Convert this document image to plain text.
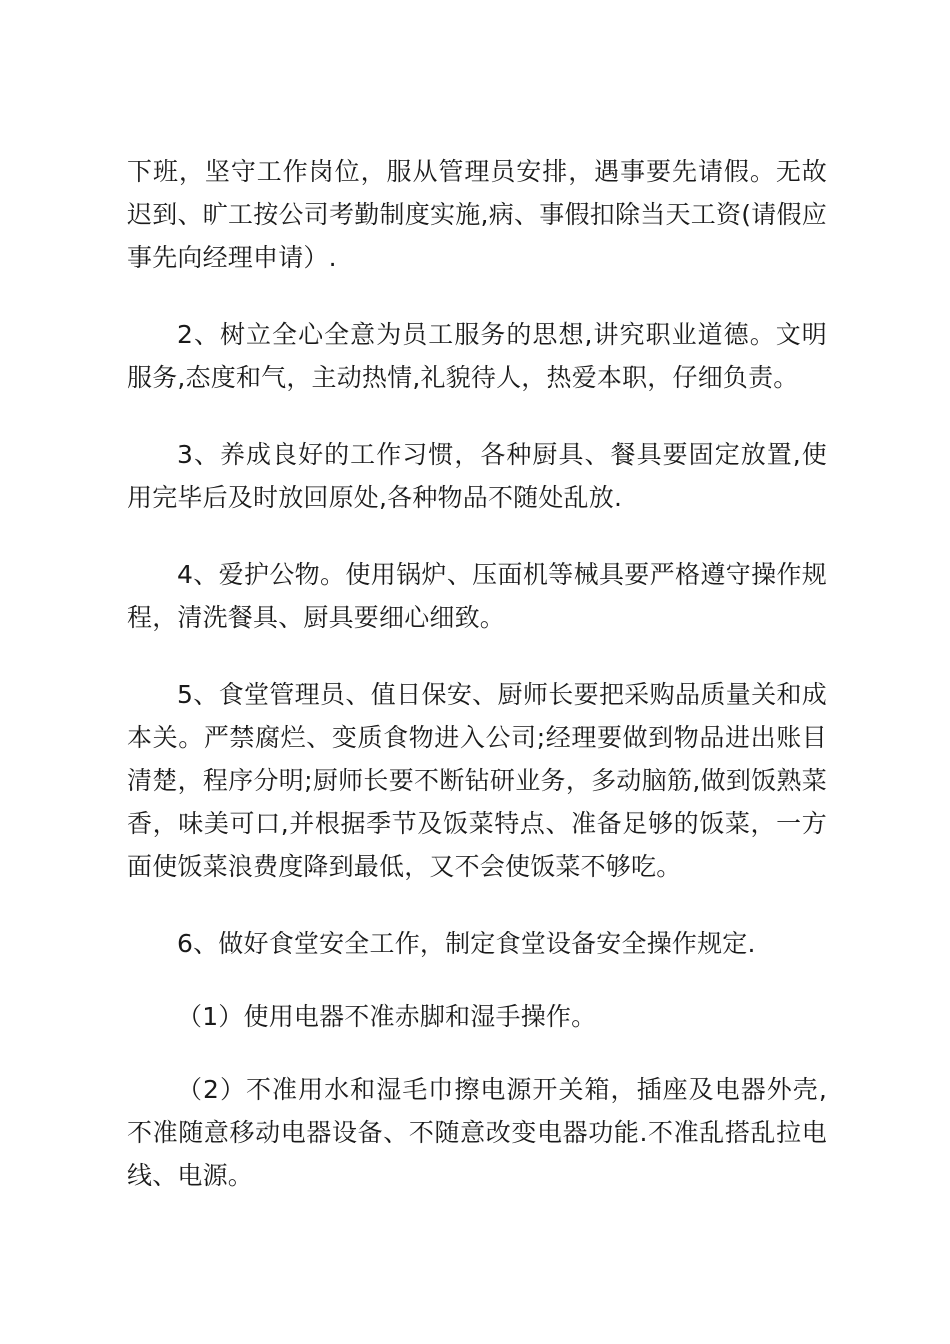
下班，坚守工作岗位，服从管理员安排，遇事要先请假。无故迟到、旷工按公司考勤制度实施,病、事假扣除当天工资(请假应事先向经理申请）.

2、树立全心全意为员工服务的思想,讲究职业道德。文明服务,态度和气，主动热情,礼貌待人，热爱本职，仔细负责。

3、养成良好的工作习惯，各种厨具、餐具要固定放置,使用完毕后及时放回原处,各种物品不随处乱放.

4、爱护公物。使用锅炉、压面机等械具要严格遵守操作规程，清洗餐具、厨具要细心细致。

5、食堂管理员、值日保安、厨师长要把采购品质量关和成本关。严禁腐烂、变质食物进入公司;经理要做到物品进出账目清楚，程序分明;厨师长要不断钻研业务，多动脑筋,做到饭熟菜香，味美可口,并根据季节及饭菜特点、准备足够的饭菜，一方面使饭菜浪费度降到最低，又不会使饭菜不够吃。

6、做好食堂安全工作，制定食堂设备安全操作规定.

（1）使用电器不准赤脚和湿手操作。

（2）不准用水和湿毛巾擦电源开关箱，插座及电器外壳,不准随意移动电器设备、不随意改变电器功能.不准乱搭乱拉电线、电源。
